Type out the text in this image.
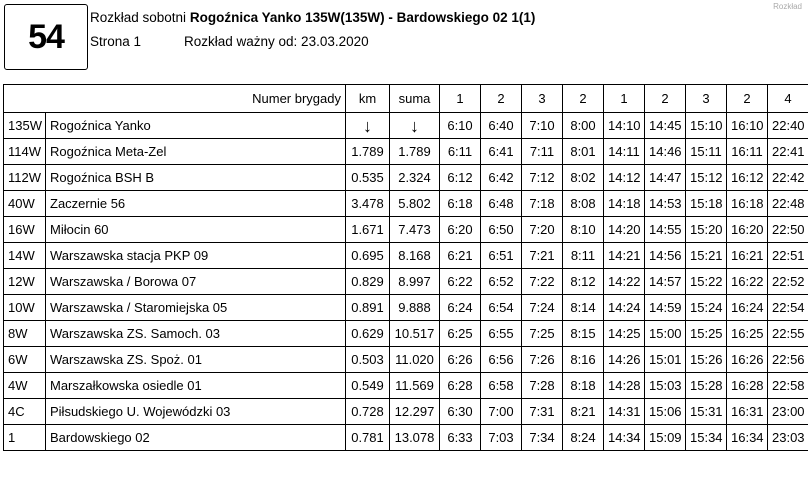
54 Rozkład sobotni Rogoźnica Yanko 135W(135W) - Bardowskiego 02 1(1)
Strona 1	Rozkład ważny od: 23.03.2020
Rozkład
Numer brygady		km	suma	1	2	3	2	1	2	3	2	4
135W	Rogoźnica Yanko	↓	↓	6:10	6:40	7:10	8:00	14:10	14:45	15:10	16:10	22:40
114W	Rogoźnica Meta-Zel	1.789	1.789	6:11	6:41	7:11	8:01	14:11	14:46	15:11	16:11	22:41
112W	Rogoźnica BSH B	0.535	2.324	6:12	6:42	7:12	8:02	14:12	14:47	15:12	16:12	22:42
40W	Zaczernie 56	3.478	5.802	6:18	6:48	7:18	8:08	14:18	14:53	15:18	16:18	22:48
16W	Miłocin 60	1.671	7.473	6:20	6:50	7:20	8:10	14:20	14:55	15:20	16:20	22:50
14W	Warszawska stacja PKP 09	0.695	8.168	6:21	6:51	7:21	8:11	14:21	14:56	15:21	16:21	22:51
12W	Warszawska / Borowa 07	0.829	8.997	6:22	6:52	7:22	8:12	14:22	14:57	15:22	16:22	22:52
10W	Warszawska / Staromiejska 05	0.891	9.888	6:24	6:54	7:24	8:14	14:24	14:59	15:24	16:24	22:54
8W	Warszawska ZS. Samoch. 03	0.629	10.517	6:25	6:55	7:25	8:15	14:25	15:00	15:25	16:25	22:55
6W	Warszawska ZS. Spoż. 01	0.503	11.020	6:26	6:56	7:26	8:16	14:26	15:01	15:26	16:26	22:56
4W	Marszałkowska osiedle 01	0.549	11.569	6:28	6:58	7:28	8:18	14:28	15:03	15:28	16:28	22:58
4C	Piłsudskiego U. Wojewódzki 03	0.728	12.297	6:30	7:00	7:31	8:21	14:31	15:06	15:31	16:31	23:00
1	Bardowskiego 02	0.781	13.078	6:33	7:03	7:34	8:24	14:34	15:09	15:34	16:34	23:03
